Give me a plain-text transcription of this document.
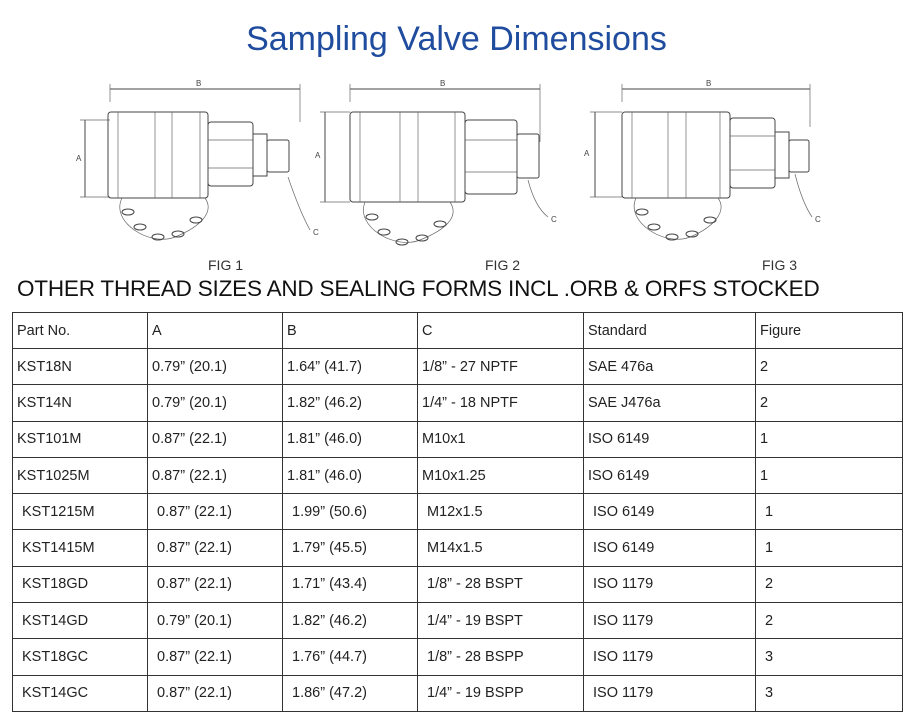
Sampling Valve Dimensions
B
A
C
B
A
C
B
A
C
FIG 1	FIG 2	FIG 3
OTHER THREAD SIZES AND SEALING FORMS INCL .ORB & ORFS STOCKED
Part No.	A	B	C	Standard	Figure
KST18N	0.79” (20.1)	1.64” (41.7)	1/8” - 27 NPTF	SAE 476a	2
KST14N	0.79” (20.1)	1.82” (46.2)	1/4” - 18 NPTF	SAE J476a	2
KST101M	0.87” (22.1)	1.81” (46.0)	M10x1	ISO 6149	1
KST1025M	0.87” (22.1)	1.81” (46.0)	M10x1.25	ISO 6149	1
KST1215M	0.87” (22.1)	1.99” (50.6)	M12x1.5	ISO 6149	1
KST1415M	0.87” (22.1)	1.79” (45.5)	M14x1.5	ISO 6149	1
KST18GD	0.87” (22.1)	1.71” (43.4)	1/8” - 28 BSPT	ISO 1179	2
KST14GD	0.79” (20.1)	1.82” (46.2)	1/4” - 19 BSPT	ISO 1179	2
KST18GC	0.87” (22.1)	1.76” (44.7)	1/8” - 28 BSPP	ISO 1179	3
KST14GC	0.87” (22.1)	1.86” (47.2)	1/4” - 19 BSPP	ISO 1179	3
